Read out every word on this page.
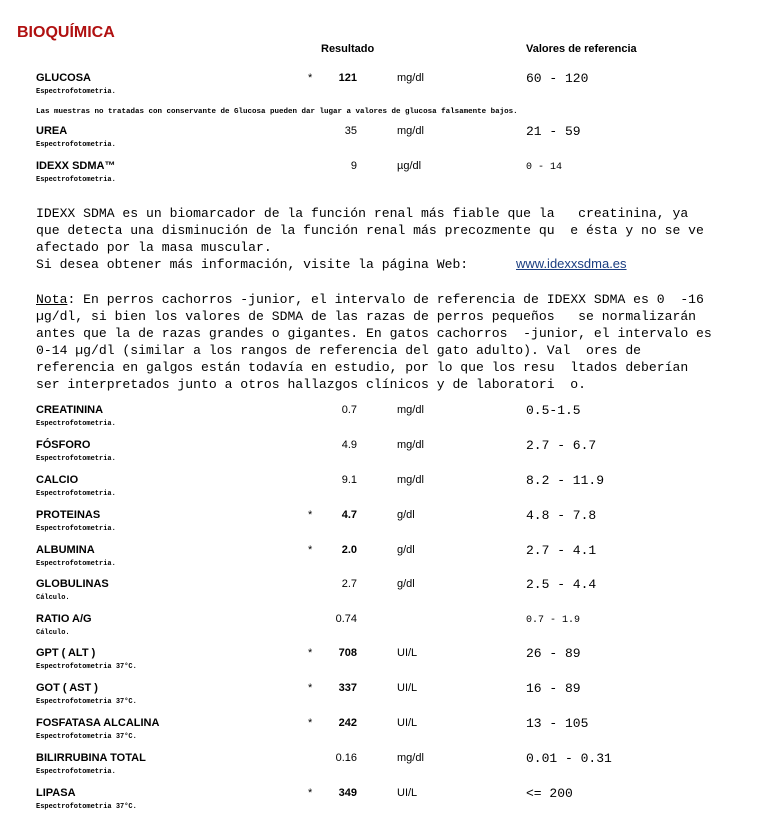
BIOQUÍMICA
Resultado	Valores de referencia
GLUCOSA
Espectrofotometria.
*	121	mg/dl	60 - 120
UREA
Espectrofotometria.
35	mg/dl	21 - 59
IDEXX SDMA™
Espectrofotometria.
9	µg/dl	0 - 14
CREATININA
Espectrofotometria.
0.7	mg/dl	0.5-1.5
FÓSFORO
Espectrofotometria.
4.9	mg/dl	2.7 - 6.7
CALCIO
Espectrofotometria.
9.1	mg/dl	8.2 - 11.9
PROTEINAS
Espectrofotometria.
*	4.7	g/dl	4.8 - 7.8
ALBUMINA
Espectrofotometria.
*	2.0	g/dl	2.7 - 4.1
GLOBULINAS
Cálculo.
2.7	g/dl	2.5 - 4.4
RATIO A/G
Cálculo.
0.74	0.7 - 1.9
GPT ( ALT )
Espectrofotometria 37°C.
*	708	UI/L	26 - 89
GOT ( AST )
Espectrofotometria 37°C.
*	337	UI/L	16 - 89
FOSFATASA ALCALINA
Espectrofotometria 37°C.
*	242	UI/L	13 - 105
BILIRRUBINA TOTAL
Espectrofotometria.
0.16	mg/dl	0.01 - 0.31
LIPASA
Espectrofotometria 37°C.
*	349	UI/L	<= 200
Las muestras no tratadas con conservante de Glucosa pueden dar lugar a valores de glucosa falsamente bajos.
IDEXX SDMA es un biomarcador de la función renal más fiable que la   creatinina, ya
que detecta una disminución de la función renal más precozmente qu  e ésta y no se ve
afectado por la masa muscular.
Si desea obtener más información, visite la página Web:	www.idexxsdma.es
Nota: En perros cachorros -junior, el intervalo de referencia de IDEXX SDMA es 0  -16
µg/dl, si bien los valores de SDMA de las razas de perros pequeños   se normalizarán
antes que la de razas grandes o gigantes. En gatos cachorros  -junior, el intervalo es
0-14 µg/dl (similar a los rangos de referencia del gato adulto). Val  ores de
referencia en galgos están todavía en estudio, por lo que los resu  ltados deberían
ser interpretados junto a otros hallazgos clínicos y de laboratori  o.
